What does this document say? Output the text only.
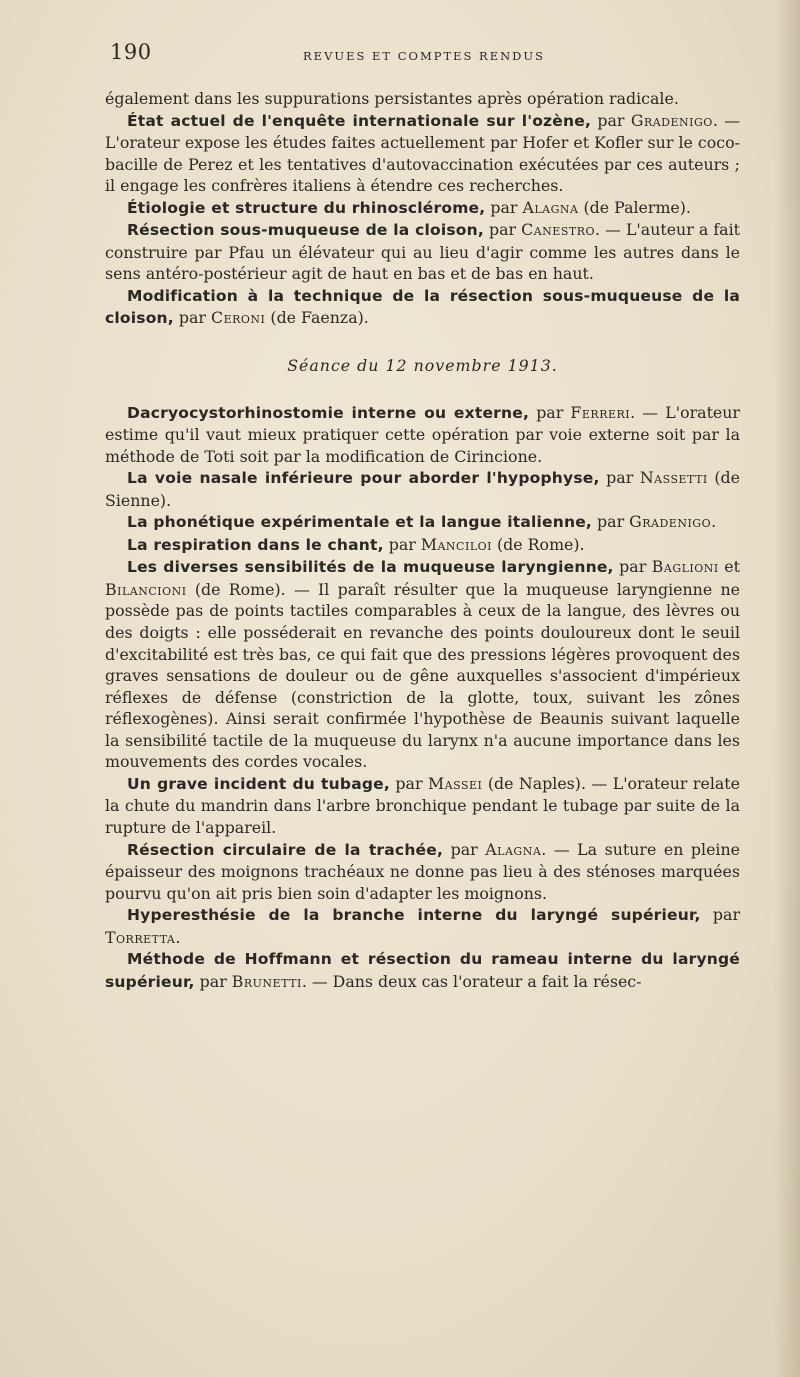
190	REVUES ET COMPTES RENDUS

également dans les suppurations persistantes après opération radicale.

État actuel de l'enquête internationale sur l'ozène, par Gradenigo. — L'orateur expose les études faites actuellement par Hofer et Kofler sur le coco-bacille de Perez et les tentatives d'autovaccination exécutées par ces auteurs ; il engage les confrères italiens à étendre ces recherches.

Étiologie et structure du rhinosclérome, par Alagna (de Palerme).

Résection sous-muqueuse de la cloison, par Canestro. — L'auteur a fait construire par Pfau un élévateur qui au lieu d'agir comme les autres dans le sens antéro-postérieur agit de haut en bas et de bas en haut.

Modification à la technique de la résection sous-muqueuse de la cloison, par Ceroni (de Faenza).

Séance du 12 novembre 1913.

Dacryocystorhinostomie interne ou externe, par Ferreri. — L'orateur estime qu'il vaut mieux pratiquer cette opération par voie externe soit par la méthode de Toti soit par la modification de Cirincione.

La voie nasale inférieure pour aborder l'hypophyse, par Nassetti (de Sienne).

La phonétique expérimentale et la langue italienne, par Gradenigo.

La respiration dans le chant, par Manciloi (de Rome).

Les diverses sensibilités de la muqueuse laryngienne, par Baglioni et Bilancioni (de Rome). — Il paraît résulter que la muqueuse laryngienne ne possède pas de points tactiles comparables à ceux de la langue, des lèvres ou des doigts : elle posséderait en revanche des points douloureux dont le seuil d'excitabilité est très bas, ce qui fait que des pressions légères provoquent des graves sensations de douleur ou de gêne auxquelles s'associent d'impérieux réflexes de défense (constriction de la glotte, toux, suivant les zônes réflexogènes). Ainsi serait confirmée l'hypothèse de Beaunis suivant laquelle la sensibilité tactile de la muqueuse du larynx n'a aucune importance dans les mouvements des cordes vocales.

Un grave incident du tubage, par Massei (de Naples). — L'orateur relate la chute du mandrin dans l'arbre bronchique pendant le tubage par suite de la rupture de l'appareil.

Résection circulaire de la trachée, par Alagna. — La suture en pleine épaisseur des moignons trachéaux ne donne pas lieu à des sténoses marquées pourvu qu'on ait pris bien soin d'adapter les moignons.

Hyperesthésie de la branche interne du laryngé supérieur, par Torretta.

Méthode de Hoffmann et résection du rameau interne du laryngé supérieur, par Brunetti. — Dans deux cas l'orateur a fait la résec-
